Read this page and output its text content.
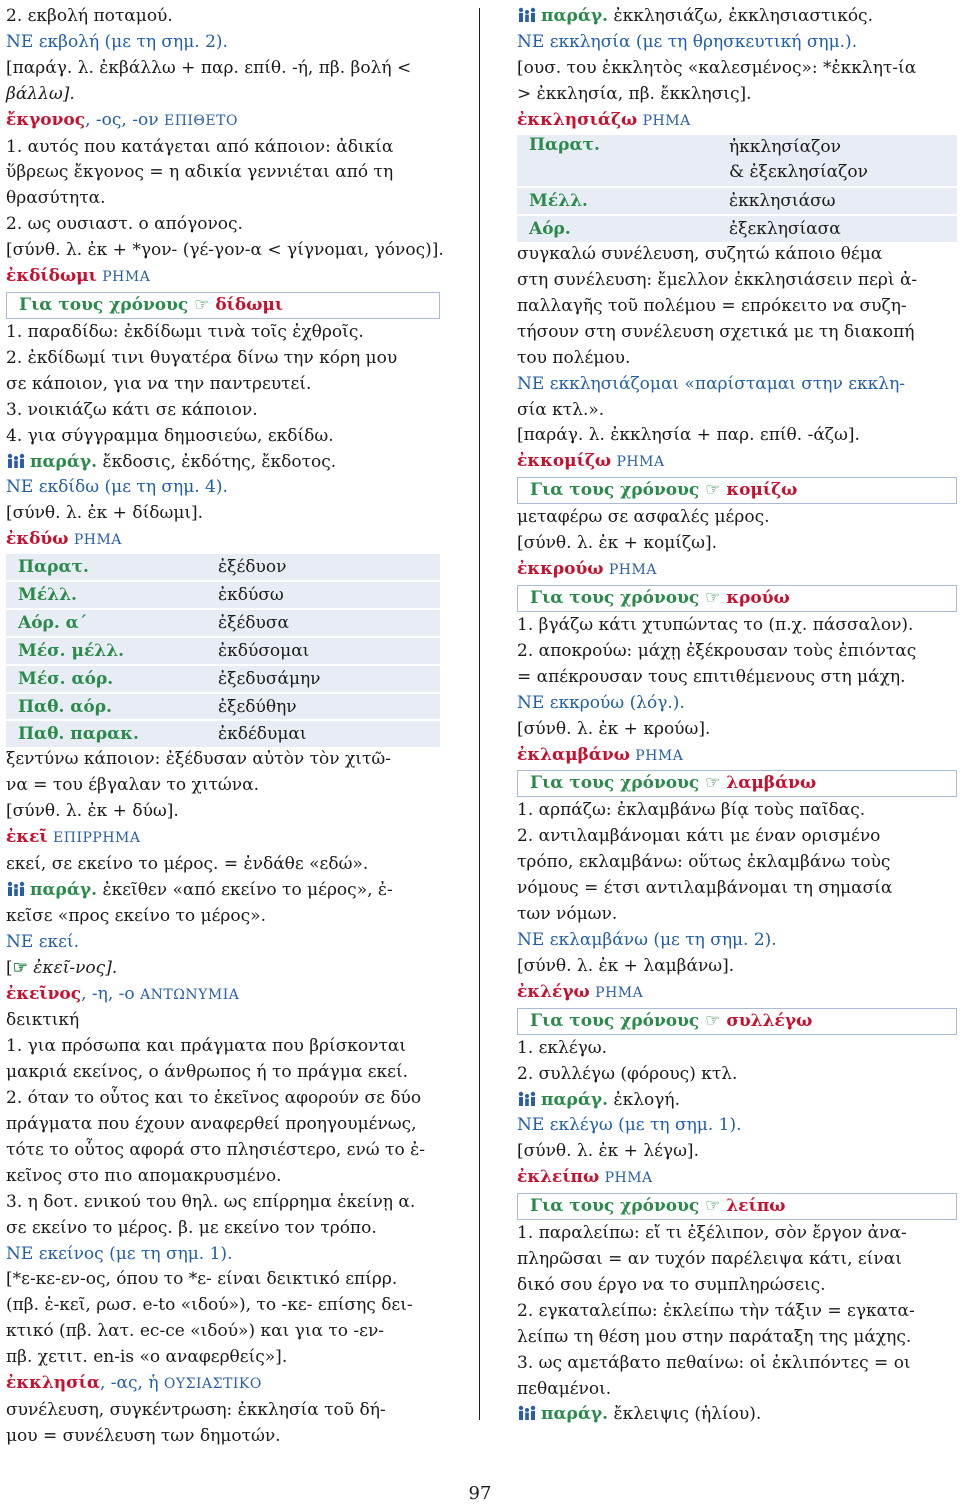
2. εκβολή ποταμού.
ΝΕ εκβολή (με τη σημ. 2).
[παράγ. λ. ἐκβάλλω + παρ. επίθ. -ή, πβ. βολή <
βάλλω].
ἔκγονος, -ος, -ον ΕΠΙΘΕΤΟ
1. αυτός που κατάγεται από κάποιον: ἀδικία
ὕβρεως ἔκγονος = η αδικία γεννιέται από τη
θρασύτητα.
2. ως ουσιαστ. ο απόγονος.
[σύνθ. λ. ἐκ + *γον- (γέ-γον-α < γίγνομαι, γόνος)].
ἐκδίδωμι ΡΗΜΑ
Για τους χρόνους ☞ δίδωμι
1. παραδίδω: ἐκδίδωμι τινὰ τοῖς ἐχθροῖς.
2. ἐκδίδωμί τινι θυγατέρα δίνω την κόρη μου
σε κάποιον, για να την παντρευτεί.
3. νοικιάζω κάτι σε κάποιον.
4. για σύγγραμμα δημοσιεύω, εκδίδω.
παράγ. ἔκδοσις, ἐκδότης, ἔκδοτος.
ΝΕ εκδίδω (με τη σημ. 4).
[σύνθ. λ. ἐκ + δίδωμι].
ἐκδύω ΡΗΜΑ
Παρατ.	ἐξέδυον
Μέλλ.	ἐκδύσω
Αόρ. α΄	ἐξέδυσα
Μέσ. μέλλ.	ἐκδύσομαι
Μέσ. αόρ.	ἐξεδυσάμην
Παθ. αόρ.	ἐξεδύθην
Παθ. παρακ.	ἐκδέδυμαι
ξεντύνω κάποιον: ἐξέδυσαν αὐτὸν τὸν χιτῶ-
να = του έβγαλαν το χιτώνα.
[σύνθ. λ. ἐκ + δύω].
ἐκεῖ ΕΠΙΡΡΗΜΑ
εκεί, σε εκείνο το μέρος. = ἐνδάθε «εδώ».
παράγ. ἐκεῖθεν «από εκείνο το μέρος», ἐ-
κεῖσε «προς εκείνο το μέρος».
ΝΕ εκεί.
[☞ ἐκεῖ-νος].
ἐκεῖνος, -η, -ο ΑΝΤΩΝΥΜΙΑ
δεικτική
1. για πρόσωπα και πράγματα που βρίσκονται
μακριά εκείνος, ο άνθρωπος ή το πράγμα εκεί.
2. όταν το οὗτος και το ἐκεῖνος αφορούν σε δύο
πράγματα που έχουν αναφερθεί προηγουμένως,
τότε το οὗτος αφορά στο πλησιέστερο, ενώ το ἐ-
κεῖνος στο πιο απομακρυσμένο.
3. η δοτ. ενικού του θηλ. ως επίρρημα ἐκείνῃ α.
σε εκείνο το μέρος. β. με εκείνο τον τρόπο.
ΝΕ εκείνος (με τη σημ. 1).
[*ε-κε-εν-ος, όπου το *ε- είναι δεικτικό επίρρ.
(πβ. ἐ-κεῖ, ρωσ. e-to «ιδού»), το -κε- επίσης δει-
κτικό (πβ. λατ. ec-ce «ιδού») και για το -εν-
πβ. χετιτ. en-is «ο αναφερθείς»].
ἐκκλησία, -ας, ἡ ΟΥΣΙΑΣΤΙΚΟ
συνέλευση, συγκέντρωση: ἐκκλησία τοῦ δή-
μου = συνέλευση των δημοτών.
παράγ. ἐκκλησιάζω, ἐκκλησιαστικός.
ΝΕ εκκλησία (με τη θρησκευτική σημ.).
[ουσ. του ἐκκλητὸς «καλεσμένος»: *ἐκκλητ-ία
> ἐκκλησία, πβ. ἔκκλησις].
ἐκκλησιάζω ΡΗΜΑ
Παρατ.	ἠκκλησίαζον
& ἐξεκλησίαζον

Μέλλ.	ἐκκλησιάσω
Αόρ.	ἐξεκλησίασα
συγκαλώ συνέλευση, συζητώ κάποιο θέμα
στη συνέλευση: ἔμελλον ἐκκλησιάσειν περὶ ἀ-
παλλαγῆς τοῦ πολέμου = επρόκειτο να συζη-
τήσουν στη συνέλευση σχετικά με τη διακοπή
του πολέμου.
ΝΕ εκκλησιάζομαι «παρίσταμαι στην εκκλη-
σία κτλ.».
[παράγ. λ. ἐκκλησία + παρ. επίθ. -άζω].
ἐκκομίζω ΡΗΜΑ
Για τους χρόνους ☞ κομίζω
μεταφέρω σε ασφαλές μέρος.
[σύνθ. λ. ἐκ + κομίζω].
ἐκκρούω ΡΗΜΑ
Για τους χρόνους ☞ κρούω
1. βγάζω κάτι χτυπώντας το (π.χ. πάσσαλον).
2. αποκρούω: μάχῃ ἐξέκρουσαν τοὺς ἐπιόντας
= απέκρουσαν τους επιτιθέμενους στη μάχη.
ΝΕ εκκρούω (λόγ.).
[σύνθ. λ. ἐκ + κρούω].
ἐκλαμβάνω ΡΗΜΑ
Για τους χρόνους ☞ λαμβάνω
1. αρπάζω: ἐκλαμβάνω βίᾳ τοὺς παῖδας.
2. αντιλαμβάνομαι κάτι με έναν ορισμένο
τρόπο, εκλαμβάνω: οὕτως ἐκλαμβάνω τοὺς
νόμους = έτσι αντιλαμβάνομαι τη σημασία
των νόμων.
ΝΕ εκλαμβάνω (με τη σημ. 2).
[σύνθ. λ. ἐκ + λαμβάνω].
ἐκλέγω ΡΗΜΑ
Για τους χρόνους ☞ συλλέγω
1. εκλέγω.
2. συλλέγω (φόρους) κτλ.
παράγ. ἐκλογή.
ΝΕ εκλέγω (με τη σημ. 1).
[σύνθ. λ. ἐκ + λέγω].
ἐκλείπω ΡΗΜΑ
Για τους χρόνους ☞ λείπω
1. παραλείπω: εἴ τι ἐξέλιπον, σὸν ἔργον ἀνα-
πληρῶσαι = αν τυχόν παρέλειψα κάτι, είναι
δικό σου έργο να το συμπληρώσεις.
2. εγκαταλείπω: ἐκλείπω τὴν τάξιν = εγκατα-
λείπω τη θέση μου στην παράταξη της μάχης.
3. ως αμετάβατο πεθαίνω: οἱ ἐκλιπόντες = οι
πεθαμένοι.
παράγ. ἔκλειψις (ἡλίου).
97
